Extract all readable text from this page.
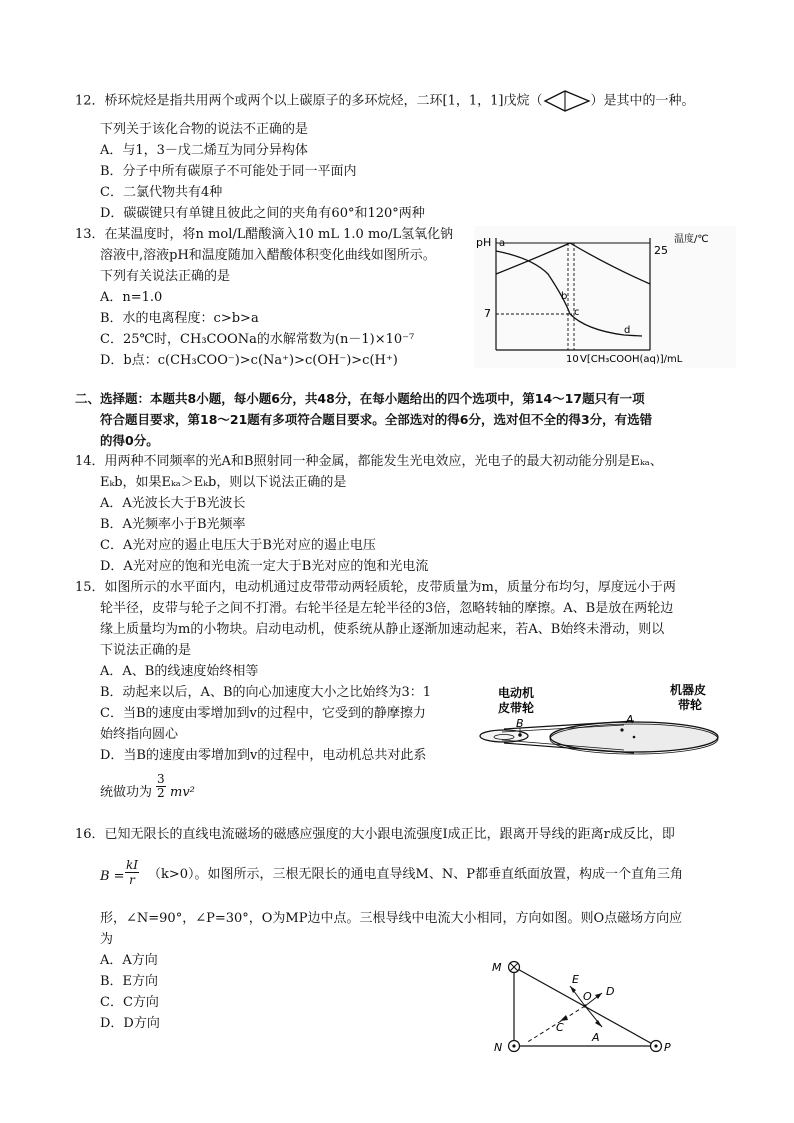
12．桥环烷烃是指共用两个或两个以上碳原子的多环烷烃，二环[1，1，1]戊烷（	）是其中的一种。
下列关于该化合物的说法不正确的是
A．与1，3－戊二烯互为同分异构体
B．分子中所有碳原子不可能处于同一平面内
C．二氯代物共有4种
D．碳碳键只有单键且彼此之间的夹角有60°和120°两种
13．在某温度时，将n mol/L醋酸滴入10 mL 1.0 mo/L氢氧化钠
溶液中,溶液pH和温度随加入醋酸体积变化曲线如图所示。
下列有关说法正确的是
A．n=1.0
B．水的电离程度：c>b>a
C．25℃时，CH₃COONa的水解常数为(n－1)×10⁻⁷
D．b点：c(CH₃COO⁻)>c(Na⁺)>c(OH⁻)>c(H⁺)
pH a
7
b
c
d
25
温度/℃
10 V[CH₃COOH(aq)]/mL
二、选择题：本题共8小题，每小题6分，共48分，在每小题给出的四个选项中，第14～17题只有一项
符合题目要求，第18～21题有多项符合题目要求。全部选对的得6分，选对但不全的得3分，有选错
的得0分。
14．用两种不同频率的光A和B照射同一种金属，都能发生光电效应，光电子的最大初动能分别是Eₖₐ、
Eₖb，如果Eₖₐ＞Eₖb，则以下说法正确的是
A．A光波长大于B光波长
B．A光频率小于B光频率
C．A光对应的遏止电压大于B光对应的遏止电压
D．A光对应的饱和光电流一定大于B光对应的饱和光电流
15．如图所示的水平面内，电动机通过皮带带动两轻质轮，皮带质量为m，质量分布均匀，厚度远小于两
轮半径，皮带与轮子之间不打滑。右轮半径是左轮半径的3倍，忽略转轴的摩擦。A、B是放在两轮边
缘上质量均为m的小物块。启动电动机，使系统从静止逐渐加速动起来，若A、B始终未滑动，则以
下说法正确的是
A．A、B的线速度始终相等
B．动起来以后，A、B的向心加速度大小之比始终为3：1
C．当B的速度由零增加到v的过程中，它受到的静摩擦力
始终指向圆心
D．当B的速度由零增加到v的过程中，电动机总共对此系
统做功为 $\frac{3}{2} mv^2$
A
B
电动机
皮带轮
机器皮
带轮
16．已知无限长的直线电流磁场的磁感应强度的大小跟电流强度I成正比，跟离开导线的距离r成反比，即
$B = \frac{kI}{r} (k>0)$。如图所示，三根无限长的通电直导线M、N、P都垂直纸面放置，构成一个直角三角
形，∠N=90°，∠P=30°，O为MP边中点。三根导线中电流大小相同，方向如图。则O点磁场方向应
为
A．A方向
B．E方向
C．C方向
D．D方向
M
N	P
O
E
D
A
C
